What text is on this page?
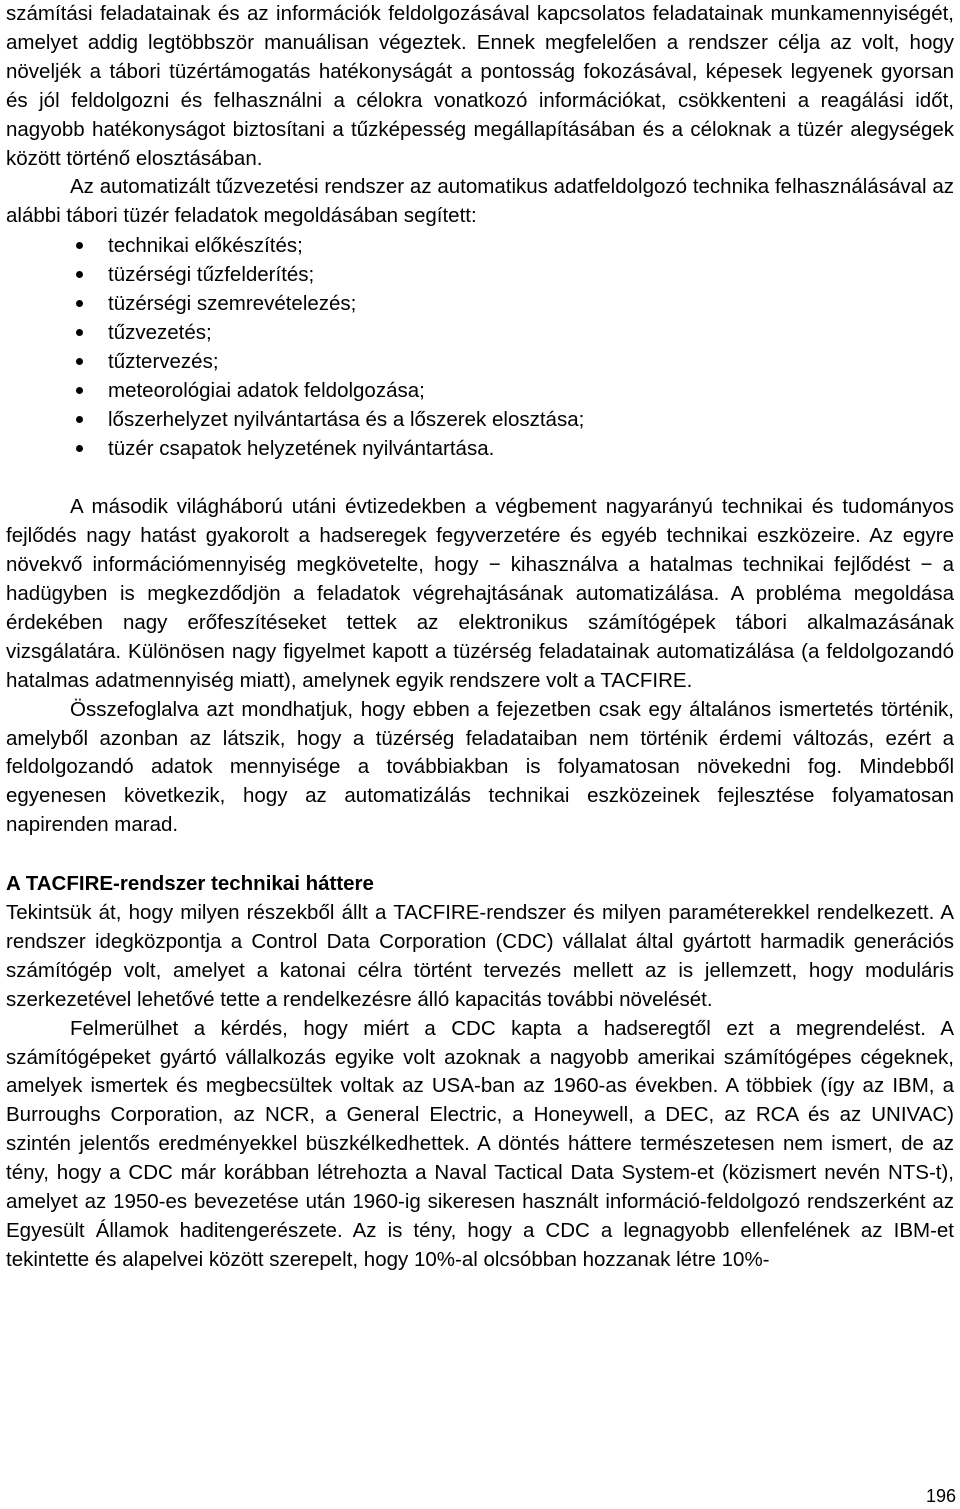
számítási feladatainak és az információk feldolgozásával kapcsolatos feladatainak munkamennyiségét, amelyet addig legtöbbször manuálisan végeztek. Ennek megfelelően a rendszer célja az volt, hogy növeljék a tábori tüzértámogatás hatékonyságát a pontosság fokozásával, képesek legyenek gyorsan és jól feldolgozni és felhasználni a célokra vonatkozó információkat, csökkenteni a reagálási időt, nagyobb hatékonyságot biztosítani a tűzképesség megállapításában és a céloknak a tüzér alegységek között történő elosztásában.

Az automatizált tűzvezetési rendszer az automatikus adatfeldolgozó technika felhasználásával az alábbi tábori tüzér feladatok megoldásában segített:

technikai előkészítés;
tüzérségi tűzfelderítés;
tüzérségi szemrevételezés;
tűzvezetés;
tűztervezés;
meteorológiai adatok feldolgozása;
lőszerhelyzet nyilvántartása és a lőszerek elosztása;
tüzér csapatok helyzetének nyilvántartása.

A második világháború utáni évtizedekben a végbement nagyarányú technikai és tudományos fejlődés nagy hatást gyakorolt a hadseregek fegyverzetére és egyéb technikai eszközeire. Az egyre növekvő információmennyiség megkövetelte, hogy − kihasználva a hatalmas technikai fejlődést − a hadügyben is megkezdődjön a feladatok végrehajtásának automatizálása. A probléma megoldása érdekében nagy erőfeszítéseket tettek az elektronikus számítógépek tábori alkalmazásának vizsgálatára. Különösen nagy figyelmet kapott a tüzérség feladatainak automatizálása (a feldolgozandó hatalmas adatmennyiség miatt), amelynek egyik rendszere volt a TACFIRE.

Összefoglalva azt mondhatjuk, hogy ebben a fejezetben csak egy általános ismertetés történik, amelyből azonban az látszik, hogy a tüzérség feladataiban nem történik érdemi változás, ezért a feldolgozandó adatok mennyisége a továbbiakban is folyamatosan növekedni fog. Mindebből egyenesen következik, hogy az automatizálás technikai eszközeinek fejlesztése folyamatosan napirenden marad.

A TACFIRE-rendszer technikai háttere

Tekintsük át, hogy milyen részekből állt a TACFIRE-rendszer és milyen paraméterekkel rendelkezett. A rendszer idegközpontja a Control Data Corporation (CDC) vállalat által gyártott harmadik generációs számítógép volt, amelyet a katonai célra történt tervezés mellett az is jellemzett, hogy moduláris szerkezetével lehetővé tette a rendelkezésre álló kapacitás további növelését.

Felmerülhet a kérdés, hogy miért a CDC kapta a hadseregtől ezt a megrendelést. A számítógépeket gyártó vállalkozás egyike volt azoknak a nagyobb amerikai számítógépes cégeknek, amelyek ismertek és megbecsültek voltak az USA-ban az 1960-as években. A többiek (így az IBM, a Burroughs Corporation, az NCR, a General Electric, a Honeywell, a DEC, az RCA és az UNIVAC) szintén jelentős eredményekkel büszkélkedhettek. A döntés háttere természetesen nem ismert, de az tény, hogy a CDC már korábban létrehozta a Naval Tactical Data System-et (közismert nevén NTS-t), amelyet az 1950-es bevezetése után 1960-ig sikeresen használt információ-feldolgozó rendszerként az Egyesült Államok haditengerészete. Az is tény, hogy a CDC a legnagyobb ellenfelének az IBM-et tekintette és alapelvei között szerepelt, hogy 10%-al olcsóbban hozzanak létre 10%-

196
